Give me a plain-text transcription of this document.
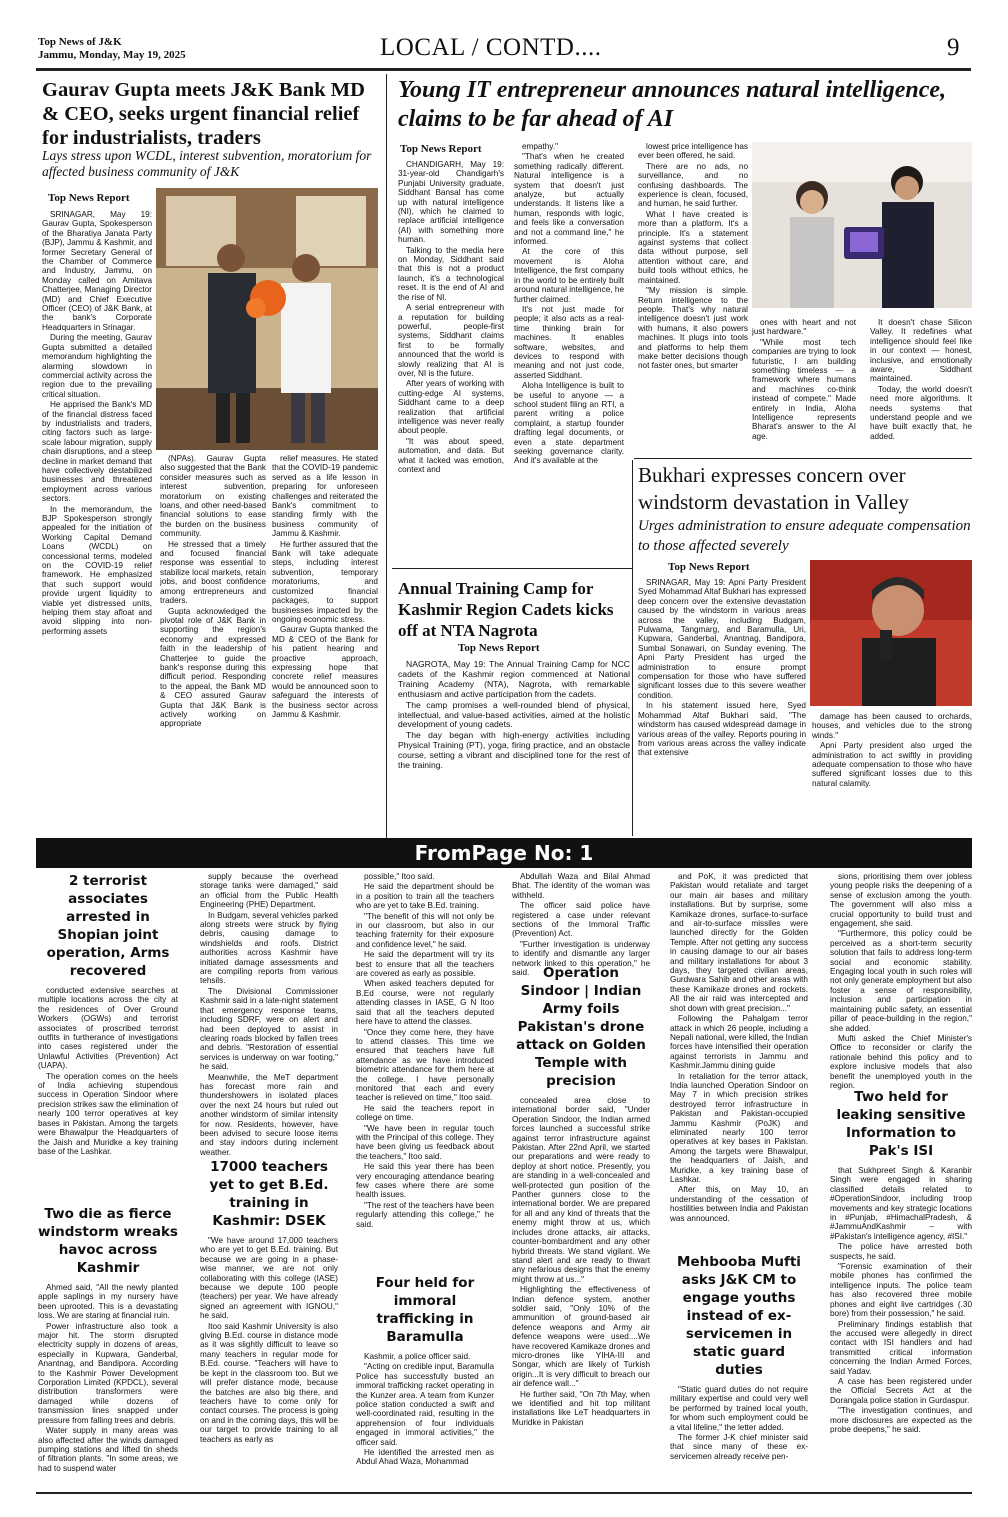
Top News of J&K
Jammu, Monday, May 19, 2025	LOCAL / CONTD....	9
Gaurav Gupta meets J&K Bank MD & CEO, seeks urgent financial relief for industrialists, traders
Lays stress upon WCDL, interest subvention, moratorium for affected business community of J&K
Top News Report

SRINAGAR, May 19: Gaurav Gupta, Spokesperson of the Bharatiya Janata Party (BJP), Jammu & Kashmir, and former Secretary General of the Chamber of Commerce and Industry, Jammu, on Monday called on Amitava Chatterjee, Managing Director (MD) and Chief Executive Officer (CEO) of J&K Bank, at the bank's Corporate Headquarters in Srinagar.

During the meeting, Gaurav Gupta submitted a detailed memorandum highlighting the alarming slowdown in commercial activity across the region due to the prevailing critical situation.

He apprised the Bank's MD of the financial distress faced by industrialists and traders, citing factors such as large-scale labour migration, supply chain disruptions, and a steep decline in market demand that have collectively destabilized businesses and threatened employment across various sectors.

In the memorandum, the BJP Spokesperson strongly appealed for the initiation of Working Capital Demand Loans (WCDL) on concessional terms, modeled on the COVID-19 relief framework. He emphasized that such support would provide urgent liquidity to viable yet distressed units, helping them stay afloat and avoid slipping into non-performing assets

(NPAs). Gaurav Gupta also suggested that the Bank consider measures such as interest subvention, moratorium on existing loans, and other need-based financial solutions to ease the burden on the business community.

He stressed that a timely and focused financial response was essential to stabilize local markets, retain jobs, and boost confidence among entrepreneurs and traders.

Gupta acknowledged the pivotal role of J&K Bank in supporting the region's economy and expressed faith in the leadership of Chatterjee to guide the bank's response during this difficult period. Responding to the appeal, the Bank MD & CEO assured Gaurav Gupta that J&K Bank is actively working on appropriate

relief measures. He stated that the COVID-19 pandemic served as a life lesson in preparing for unforeseen challenges and reiterated the Bank's commitment to standing firmly with the business community of Jammu & Kashmir.

He further assured that the Bank will take adequate steps, including interest subvention, temporary moratoriums, and customized financial packages, to support businesses impacted by the ongoing economic stress.

Gaurav Gupta thanked the MD & CEO of the Bank for his patient hearing and proactive approach, expressing hope that concrete relief measures would be announced soon to safeguard the interests of the business sector across Jammu & Kashmir.

Young IT entrepreneur announces natural intelligence, claims to be far ahead of AI
Top News Report

CHANDIGARH, May 19: 31-year-old Chandigarh's Punjabi University graduate, Siddhant Bansal has come up with natural intelligence (NI), which he claimed to replace artificial intelligence (AI) with something more human.

Talking to the media here on Monday, Siddhant said that this is not a product launch, it's a technological reset. It is the end of AI and the rise of NI.

A serial entrepreneur with a reputation for building powerful, people-first systems, Siddhant claims first to be formally announced that the world is slowly realizing that AI is over, NI is the future.

After years of working with cutting-edge AI systems, Siddhant came to a deep realization that artificial intelligence was never really about people.

"It was about speed, automation, and data. But what it lacked was emotion, context and

empathy."

"That's when he created something radically different. Natural intelligence is a system that doesn't just analyze, but actually understands. It listens like a human, responds with logic, and feels like a conversation and not a command line," he informed.

At the core of this movement is Aloha Intelligence, the first company in the world to be entirely built around natural intelligence, he further claimed.

It's not just made for people; it also acts as a real-time thinking brain for machines. It enables software, websites, and devices to respond with meaning and not just code, asserted Siddhant.

Aloha Intelligence is built to be useful to anyone — a school student filing an RTI, a parent writing a police complaint, a startup founder drafting legal documents, or even a state department seeking governance clarity. And it's available at the

lowest price intelligence has ever been offered, he said.

There are no ads, no surveillance, and no confusing dashboards. The experience is clean, focused, and human, he said further.

What I have created is more than a platform. It's a principle. It's a statement against systems that collect data without purpose, sell attention without care, and build tools without ethics, he maintained.

"My mission is simple. Return intelligence to the people. That's why natural intelligence doesn't just work with humans, it also powers machines. It plugs into tools and platforms to help them make better decisions though not faster ones, but smarter

ones with heart and not just hardware."

"While most tech companies are trying to look futuristic, I am building something timeless — a framework where humans and machines co-think instead of compete." Made entirely in India, Aloha Intelligence represents Bharat's answer to the AI age.

It doesn't chase Silicon Valley. It redefines what intelligence should feel like in our context — honest, inclusive, and emotionally aware, Siddhant maintained.

Today, the world doesn't need more algorithms. It needs systems that understand people and we have built exactly that, he added.

Annual Training Camp for Kashmir Region Cadets kicks off at NTA Nagrota
Top News Report

NAGROTA, May 19: The Annual Training Camp for NCC cadets of the Kashmir region commenced at National Training Academy (NTA), Nagrota, with remarkable enthusiasm and active participation from the cadets.

The camp promises a well-rounded blend of physical, intellectual, and value-based activities, aimed at the holistic development of young cadets.

The day began with high-energy activities including Physical Training (PT), yoga, firing practice, and an obstacle course, setting a vibrant and disciplined tone for the rest of the training.

Bukhari expresses concern over windstorm devastation in Valley
Urges administration to ensure adequate compensation to those affected severely
Top News Report

SRINAGAR, May 19: Apni Party President Syed Mohammad Altaf Bukhari has expressed deep concern over the extensive devastation caused by the windstorm in various areas across the valley, including Budgam, Pulwama, Tangmarg, and Baramulla, Uri, Kupwara, Ganderbal, Anantnag, Bandipora, Sumbal Sonawari, on Sunday evening. The Apni Party President has urged the administration to ensure prompt compensation for those who have suffered significant losses due to this severe weather condition.

In his statement issued here, Syed Mohammad Altaf Bukhari said, "The windstorm has caused widespread damage in various areas of the valley. Reports pouring in from various areas across the valley indicate that extensive

damage has been caused to orchards, houses, and vehicles due to the strong winds."

Apni Party president also urged the administration to act swiftly in providing adequate compensation to those who have suffered significant losses due to this natural calamity.

FromPage No: 1
2 terrorist associates arrested in Shopian joint operation, Arms recovered

conducted extensive searches at multiple locations across the city at the residences of Over Ground Workers (OGWs) and terrorist associates of proscribed terrorist outfits in furtherance of investigations into cases registered under the Unlawful Activities (Prevention) Act (UAPA).

The operation comes on the heels of India achieving stupendous success in Operation Sindoor where precision strikes saw the elimination of nearly 100 terror operatives at key bases in Pakistan. Among the targets were Bhawalpur the Headquarters of the Jaish and Muridke a key training base of the Lashkar.

Two die as fierce windstorm wreaks havoc across Kashmir

Ahmed said, "All the newly planted apple saplings in my nursery have been uprooted. This is a devastating loss. We are staring at financial ruin.

Power infrastructure also took a major hit. The storm disrupted electricity supply in dozens of areas, especially in Kupwara, Ganderbal, Anantnag, and Bandipora. According to the Kashmir Power Development Corporation Limited (KPDCL), several distribution transformers were damaged while dozens of transmission lines snapped under pressure from falling trees and debris.

Water supply in many areas was also affected after the winds damaged pumping stations and lifted tin sheds of filtration plants. "In some areas, we had to suspend water

supply because the overhead storage tanks were damaged," said an official from the Public Health Engineering (PHE) Department.

In Budgam, several vehicles parked along streets were struck by flying debris, causing damage to windshields and roofs. District authorities across Kashmir have initiated damage assessments and are compiling reports from various tehsils.

The Divisional Commissioner Kashmir said in a late-night statement that emergency response teams, including SDRF, were on alert and had been deployed to assist in clearing roads blocked by fallen trees and debris. "Restoration of essential services is underway on war footing," he said.

Meanwhile, the MeT department has forecast more rain and thundershowers in isolated places over the next 24 hours but ruled out another windstorm of similar intensity for now. Residents, however, have been advised to secure loose items and stay indoors during inclement weather.

17000 teachers yet to get B.Ed. training in Kashmir: DSEK

"We have around 17,000 teachers who are yet to get B.Ed. training. But because we are going in a phase-wise manner, we are not only collaborating with this college (IASE) because we depute 100 people (teachers) per year. We have already signed an agreement with IGNOU," he said.

Itoo said Kashmir University is also giving B.Ed. course in distance mode as it was slightly difficult to leave so many teachers in regular mode for B.Ed. course. "Teachers will have to be kept in the classroom too. But we will prefer distance mode, because the batches are also big there, and teachers have to come only for contact courses. The process is going on and in the coming days, this will be our target to provide training to all teachers as early as

possible," Itoo said.

He said the department should be in a position to train all the teachers who are yet to take B.Ed. training.

"The benefit of this will not only be in our classroom, but also in our teaching fraternity for their exposure and confidence level," he said.

He said the department will try its best to ensure that all the teachers are covered as early as possible.

When asked teachers deputed for B.Ed course, were not regularly attending classes in IASE, G N Itoo said that all the teachers deputed here have to attend the classes.

"Once they come here, they have to attend classes. This time we ensured that teachers have full attendance as we have introduced biometric attendance for them here at the college. I have personally monitored that each and every teacher is relieved on time," Itoo said.

He said the teachers report in college on time.

"We have been in regular touch with the Principal of this college. They have been giving us feedback about the teachers," Itoo said.

He said this year there has been very encouraging attendance bearing few cases where there are some health issues.

"The rest of the teachers have been regularly attending this college," he said.

Four held for immoral trafficking in Baramulla

Kashmir, a police officer said.

"Acting on credible input, Baramulla Police has successfully busted an immoral trafficking racket operating in the Kunzer area. A team from Kunzer police station conducted a swift and well-coordinated raid, resulting in the apprehension of four individuals engaged in immoral activities," the officer said.

He identified the arrested men as Abdul Ahad Waza, Mohammad

Abdullah Waza and Bilal Ahmad Bhat. The identity of the woman was withheld.

The officer said police have registered a case under relevant sections of the Immoral Traffic (Prevention) Act.

"Further investigation is underway to identify and dismantle any larger network linked to this operation," he said.	Operation Sindoor | Indian Army foils Pakistan's drone attack on Golden Temple with precision

concealed area close to international border said, "Under Operation Sindoor, the Indian armed forces launched a successful strike against terror infrastructure against Pakistan. After 22nd April, we started our preparations and were ready to deploy at short notice. Presently, you are standing in a well-concealed and well-protected gun position of the Panther gunners close to the international border. We are prepared for all and any kind of threats that the enemy might throw at us, which includes drone attacks, air attacks, counter-bombardment and any other hybrid threats. We stand vigilant. We stand alert and are ready to thwart any nefarious designs that the enemy might throw at us..."

Highlighting the effectiveness of Indian defence system, another soldier said, "Only 10% of the ammunition of ground-based air defence weapons and Army air defence weapons were used....We have recovered Kamikaze drones and micro-drones like YIHA-III and Songar, which are likely of Turkish origin...It is very difficult to breach our air defence wall..."

He further said, "On 7th May, when we identified and hit top militant installations like LeT headquarters in Muridke in Pakistan

and PoK, it was predicted that Pakistan would retaliate and target our main air bases and military installations. But by surprise, some Kamikaze drones, surface-to-surface and air-to-surface missiles were launched directly for the Golden Temple. After not getting any success in causing damage to our air bases and military installations for about 3 days, they targeted civilian areas, Gurdwara Sahib and other areas with these Kamikaze drones and rockets. All the air raid was intercepted and shot down with great precision..."

Following the Pahalgam terror attack in which 26 people, including a Nepali national, were killed, the Indian forces have intensified their operation against terrorists in Jammu and Kashmir.Jammu dining guide

In retaliation for the terror attack, India launched Operation Sindoor on May 7 in which precision strikes destroyed terror infrastructure in Pakistan and Pakistan-occupied Jammu Kashmir (PoJK) and eliminated nearly 100 terror operatives at key bases in Pakistan. Among the targets were Bhawalpur, the headquarters of Jaish, and Muridke, a key training base of Lashkar.

After this, on May 10, an understanding of the cessation of hostilities between India and Pakistan was announced.

Mehbooba Mufti asks J&K CM to engage youths instead of ex-servicemen in static guard duties

"Static guard duties do not require military expertise and could very well be performed by trained local youth, for whom such employment could be a vital lifeline," the letter added.

The former J-K chief minister said that since many of these ex-servicemen already receive pen-

sions, prioritising them over jobless young people risks the deepening of a sense of exclusion among the youth. The government will also miss a crucial opportunity to build trust and engagement, she said.

"Furthermore, this policy could be perceived as a short-term security solution that fails to address long-term social and economic stability. Engaging local youth in such roles will not only generate employment but also foster a sense of responsibility, inclusion and participation in maintaining public safety, an essential pillar of peace-building in the region," she added.

Mufti asked the Chief Minister's Office to reconsider or clarify the rationale behind this policy and to explore inclusive models that also benefit the unemployed youth in the region.

Two held for leaking sensitive Information to Pak's ISI

that Sukhpreet Singh & Karanbir Singh were engaged in sharing classified details related to #OperationSindoor, including troop movements and key strategic locations in #Punjab, #HimachalPradesh, & #JammuAndKashmir – with #Pakistan's intelligence agency, #ISI."

The police have arrested both suspects, he said.

"Forensic examination of their mobile phones has confirmed the intelligence inputs. The police team has also recovered three mobile phones and eight live cartridges (.30 bore) from their possession," he said.

Preliminary findings establish that the accused were allegedly in direct contact with ISI handlers and had transmitted critical information concerning the Indian Armed Forces, said Yadav.

A case has been registered under the Official Secrets Act at the Dorangala police station in Gurdaspur.

"The investigation continues, and more disclosures are expected as the probe deepens," he said.
